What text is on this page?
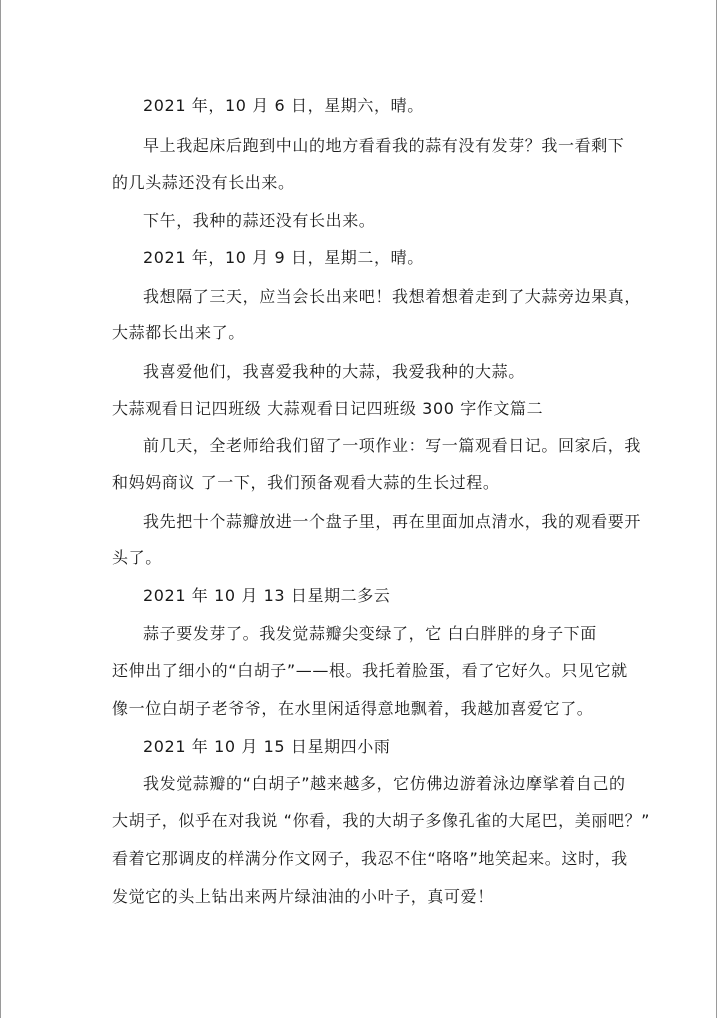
2021 年，10 月 6 日，星期六，晴。
早上我起床后跑到中山的地方看看我的蒜有没有发芽？我一看剩下
的几头蒜还没有长出来。
下午，我种的蒜还没有长出来。
2021 年，10 月 9 日，星期二，晴。
我想隔了三天，应当会长出来吧！我想着想着走到了大蒜旁边果真，
大蒜都长出来了。
我喜爱他们，我喜爱我种的大蒜，我爱我种的大蒜。
大蒜观看日记四班级 大蒜观看日记四班级 300 字作文篇二
前几天，全老师给我们留了一项作业：写一篇观看日记。回家后，我
和妈妈商议 了一下，我们预备观看大蒜的生长过程。
我先把十个蒜瓣放进一个盘子里，再在里面加点清水，我的观看要开
头了。
2021 年 10 月 13 日星期二多云
蒜子要发芽了。我发觉蒜瓣尖变绿了，它 白白胖胖的身子下面
还伸出了细小的“白胡子”——根。我托着脸蛋，看了它好久。只见它就
像一位白胡子老爷爷，在水里闲适得意地飘着，我越加喜爱它了。
2021 年 10 月 15 日星期四小雨
我发觉蒜瓣的“白胡子”越来越多，它仿佛边游着泳边摩挲着自己的
大胡子，似乎在对我说 “你看，我的大胡子多像孔雀的大尾巴，美丽吧？”
看着它那调皮的样满分作文网子，我忍不住“咯咯”地笑起来。这时，我
发觉它的头上钻出来两片绿油油的小叶子，真可爱！
